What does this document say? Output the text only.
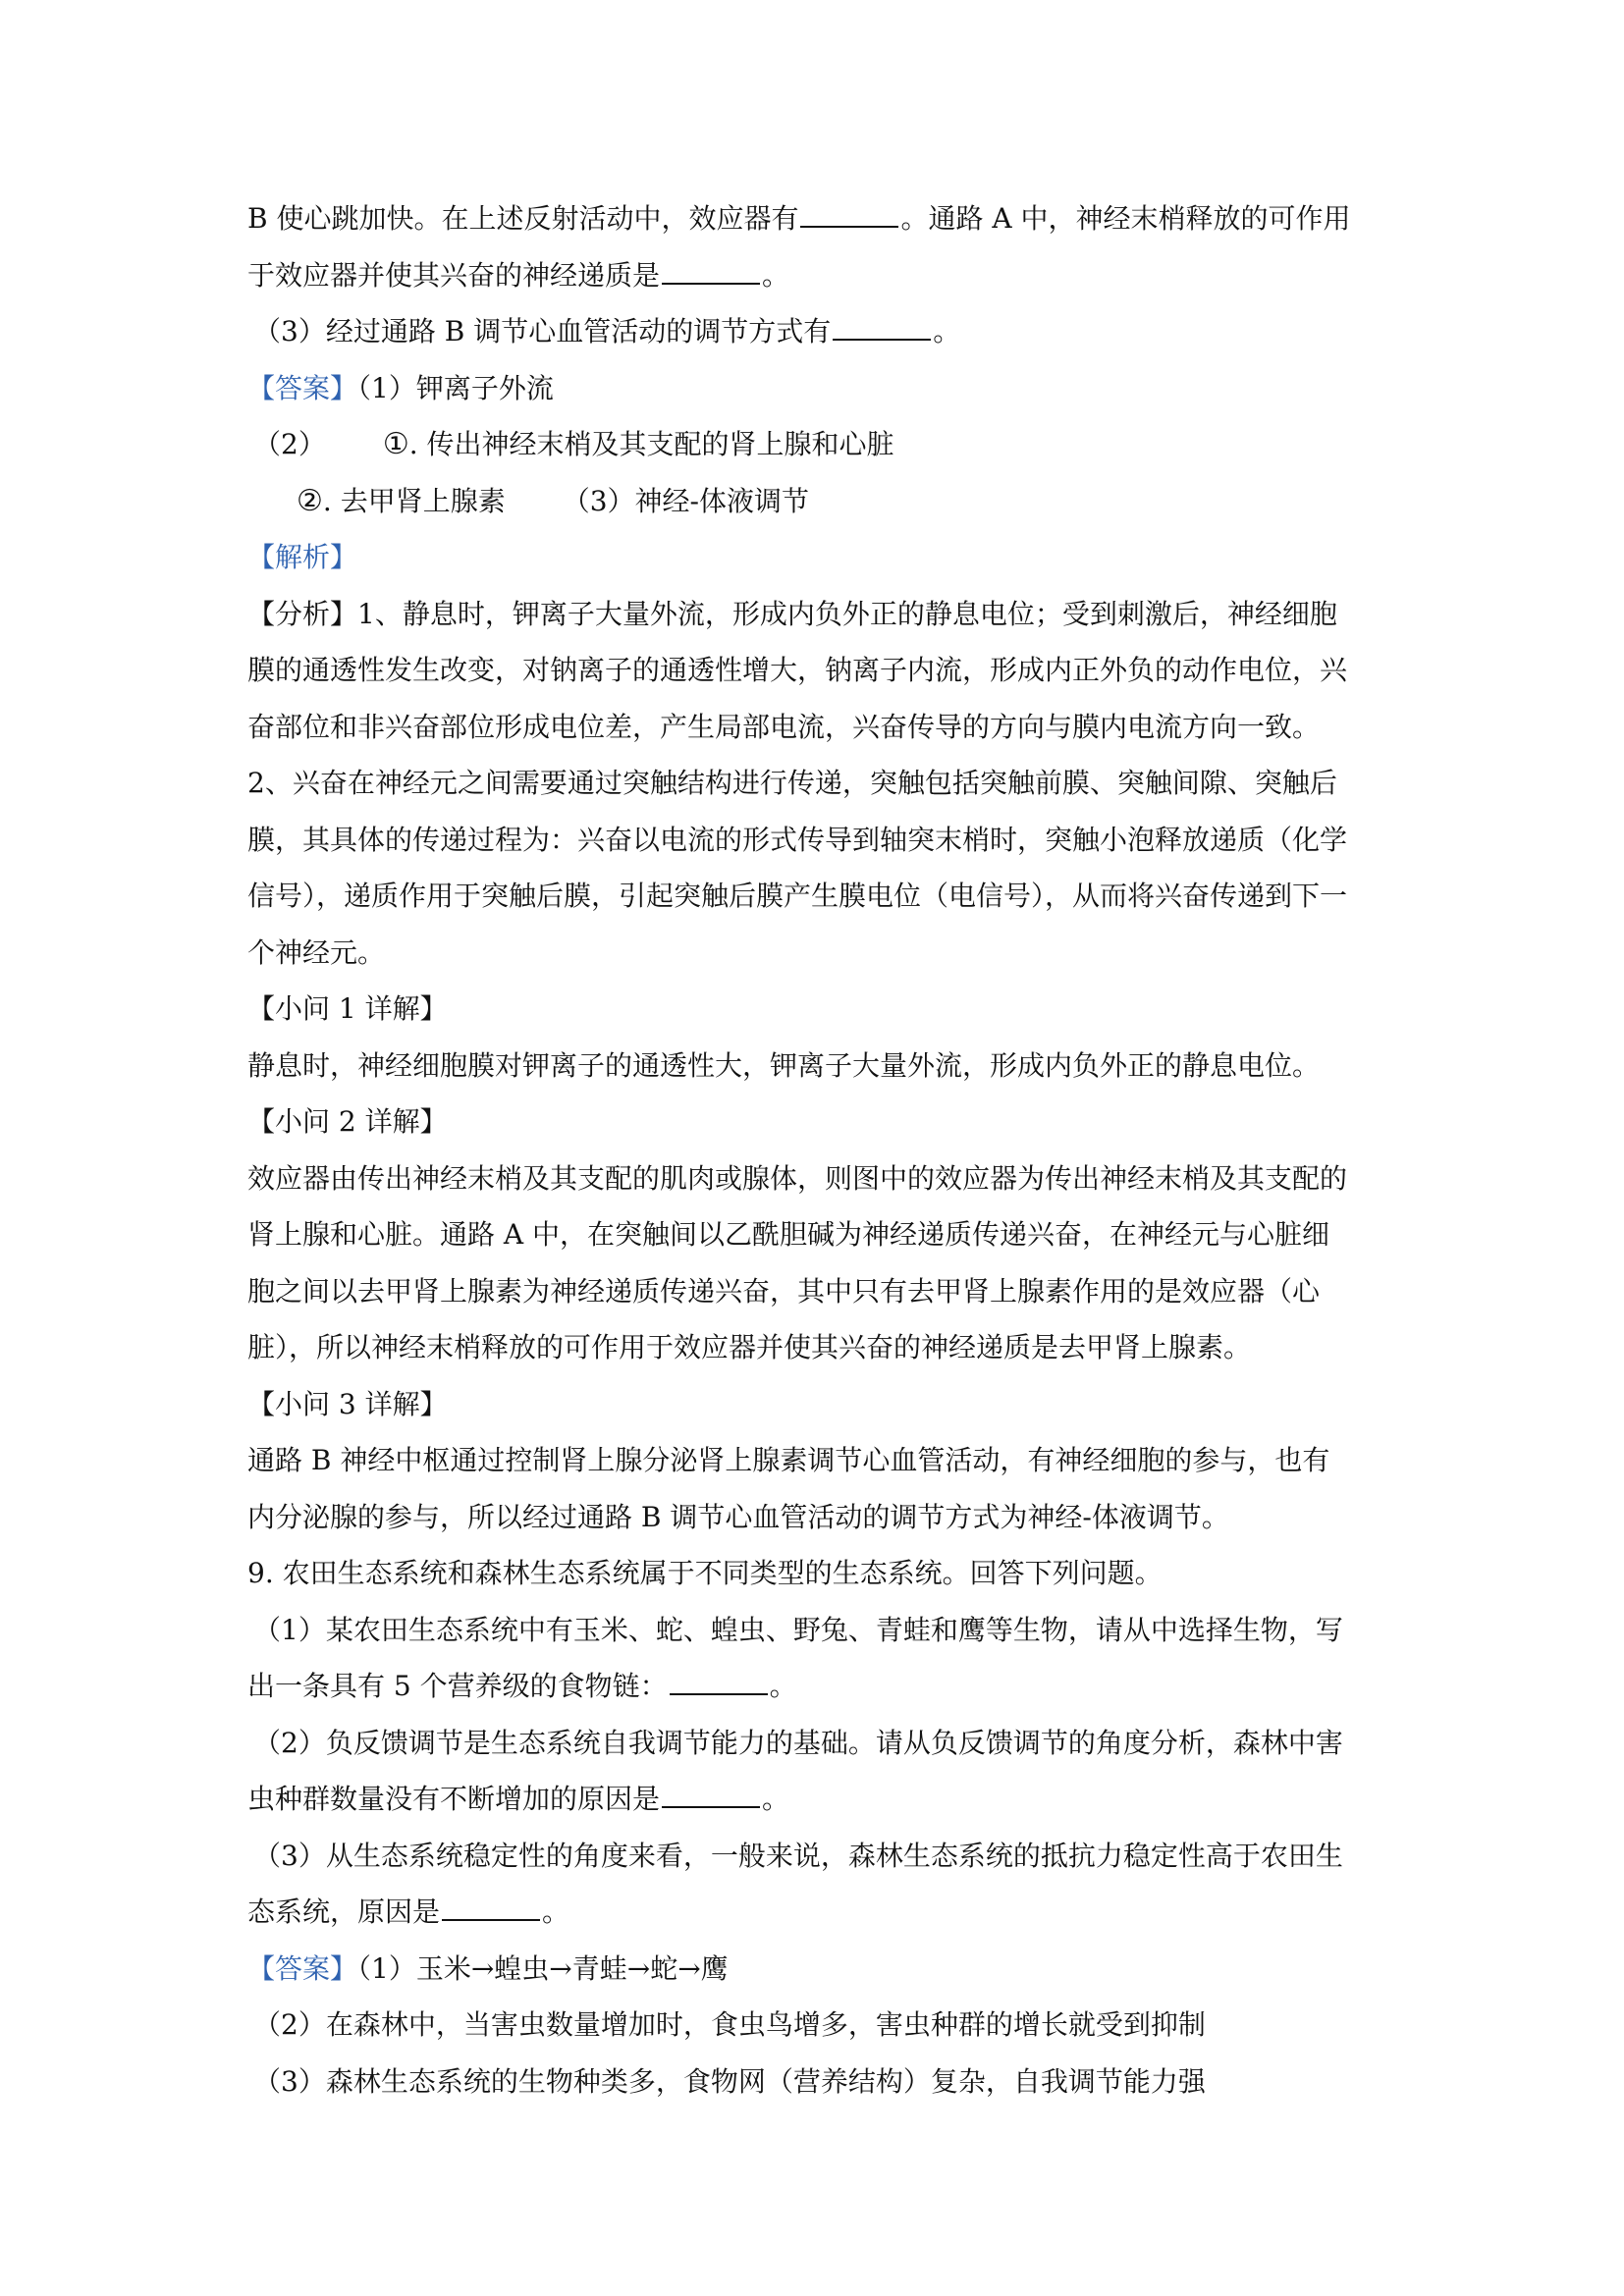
B 使心跳加快。在上述反射活动中，效应器有	。通路 A 中，神经末梢释放的可作用
于效应器并使其兴奋的神经递质是	。
（3）经过通路 B 调节心血管活动的调节方式有	。
【答案】（1）钾离子外流
（2） ①. 传出神经末梢及其支配的肾上腺和心脏
②. 去甲肾上腺素 （3）神经-体液调节
【解析】
【分析】1、静息时，钾离子大量外流，形成内负外正的静息电位；受到刺激后，神经细胞
膜的通透性发生改变，对钠离子的通透性增大，钠离子内流，形成内正外负的动作电位，兴
奋部位和非兴奋部位形成电位差，产生局部电流，兴奋传导的方向与膜内电流方向一致。
2、兴奋在神经元之间需要通过突触结构进行传递，突触包括突触前膜、突触间隙、突触后
膜，其具体的传递过程为：兴奋以电流的形式传导到轴突末梢时，突触小泡释放递质（化学
信号），递质作用于突触后膜，引起突触后膜产生膜电位（电信号），从而将兴奋传递到下一
个神经元。
【小问 1 详解】
静息时，神经细胞膜对钾离子的通透性大，钾离子大量外流，形成内负外正的静息电位。
【小问 2 详解】
效应器由传出神经末梢及其支配的肌肉或腺体，则图中的效应器为传出神经末梢及其支配的
肾上腺和心脏。通路 A 中，在突触间以乙酰胆碱为神经递质传递兴奋，在神经元与心脏细
胞之间以去甲肾上腺素为神经递质传递兴奋，其中只有去甲肾上腺素作用的是效应器（心
脏），所以神经末梢释放的可作用于效应器并使其兴奋的神经递质是去甲肾上腺素。
【小问 3 详解】
通路 B 神经中枢通过控制肾上腺分泌肾上腺素调节心血管活动，有神经细胞的参与，也有
内分泌腺的参与，所以经过通路 B 调节心血管活动的调节方式为神经-体液调节。
9. 农田生态系统和森林生态系统属于不同类型的生态系统。回答下列问题。
（1）某农田生态系统中有玉米、蛇、蝗虫、野兔、青蛙和鹰等生物，请从中选择生物，写
出一条具有 5 个营养级的食物链：	。
（2）负反馈调节是生态系统自我调节能力的基础。请从负反馈调节的角度分析，森林中害
虫种群数量没有不断增加的原因是	。
（3）从生态系统稳定性的角度来看，一般来说，森林生态系统的抵抗力稳定性高于农田生
态系统，原因是	。
【答案】（1）玉米→蝗虫→青蛙→蛇→鹰
（2）在森林中，当害虫数量增加时，食虫鸟增多，害虫种群的增长就受到抑制
（3）森林生态系统的生物种类多，食物网（营养结构）复杂，自我调节能力强
